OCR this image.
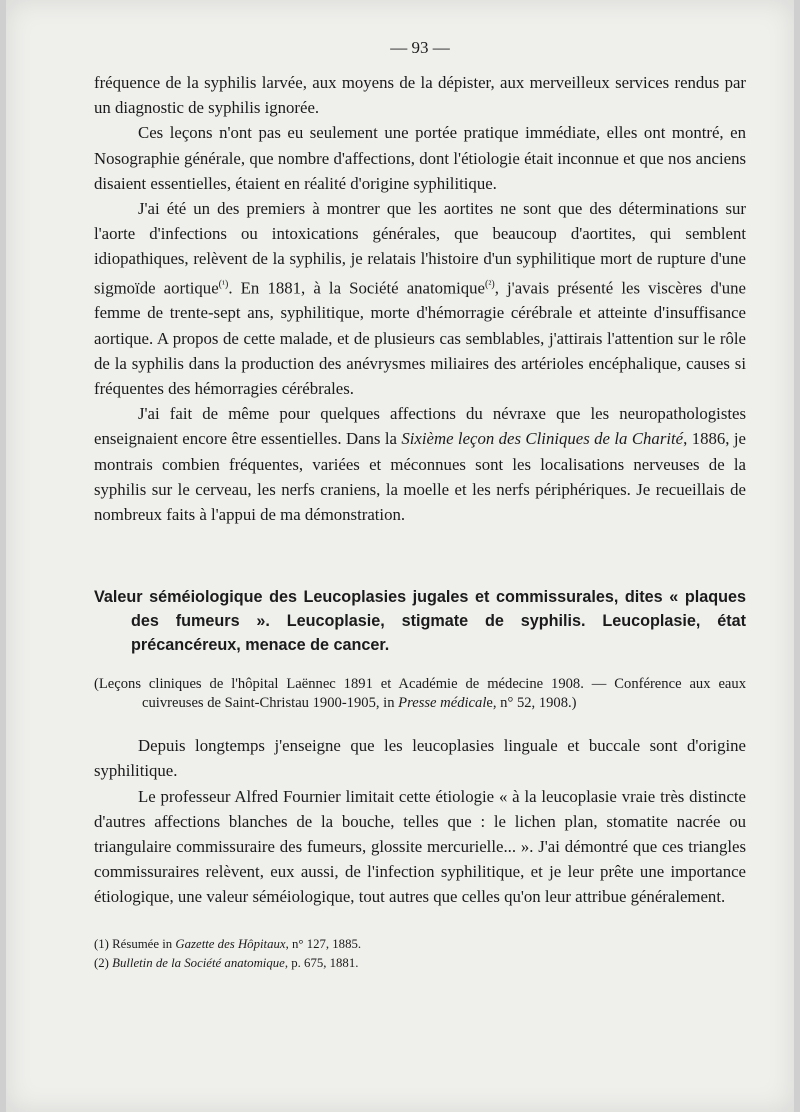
— 93 —

fréquence de la syphilis larvée, aux moyens de la dépister, aux merveilleux services rendus par un diagnostic de syphilis ignorée.

Ces leçons n'ont pas eu seulement une portée pratique immédiate, elles ont montré, en Nosographie générale, que nombre d'affections, dont l'étiologie était inconnue et que nos anciens disaient essentielles, étaient en réalité d'origine syphilitique.

J'ai été un des premiers à montrer que les aortites ne sont que des déterminations sur l'aorte d'infections ou intoxications générales, que beaucoup d'aortites, qui semblent idiopathiques, relèvent de la syphilis, je relatais l'histoire d'un syphilitique mort de rupture d'une sigmoïde aortique$^{(^1)}$. En 1881, à la Société anatomique$^{(^2)}$, j'avais présenté les viscères d'une femme de trente-sept ans, syphilitique, morte d'hémorragie cérébrale et atteinte d'insuffisance aortique. A propos de cette malade, et de plusieurs cas semblables, j'attirais l'attention sur le rôle de la syphilis dans la production des anévrysmes miliaires des artérioles encéphalique, causes si fréquentes des hémorragies cérébrales.

J'ai fait de même pour quelques affections du névraxe que les neuropathologistes enseignaient encore être essentielles. Dans la Sixième leçon des Cliniques de la Charité, 1886, je montrais combien fréquentes, variées et méconnues sont les localisations nerveuses de la syphilis sur le cerveau, les nerfs craniens, la moelle et les nerfs périphériques. Je recueillais de nombreux faits à l'appui de ma démonstration.

Valeur séméiologique des Leucoplasies jugales et commissurales, dites « plaques des fumeurs ». Leucoplasie, stigmate de syphilis. Leucoplasie, état précancéreux, menace de cancer.
(Leçons cliniques de l'hôpital Laënnec 1891 et Académie de médecine 1908. — Conférence aux eaux cuivreuses de Saint-Christau 1900-1905, in Presse médicale, n° 52, 1908.)

Depuis longtemps j'enseigne que les leucoplasies linguale et buccale sont d'origine syphilitique.

Le professeur Alfred Fournier limitait cette étiologie « à la leucoplasie vraie très distincte d'autres affections blanches de la bouche, telles que : le lichen plan, stomatite nacrée ou triangulaire commissuraire des fumeurs, glossite mercurielle... ». J'ai démontré que ces triangles commissuraires relèvent, eux aussi, de l'infection syphilitique, et je leur prête une importance étiologique, une valeur séméiologique, tout autres que celles qu'on leur attribue généralement.

(1) Résumée in Gazette des Hôpitaux, n° 127, 1885.
(2) Bulletin de la Société anatomique, p. 675, 1881.
